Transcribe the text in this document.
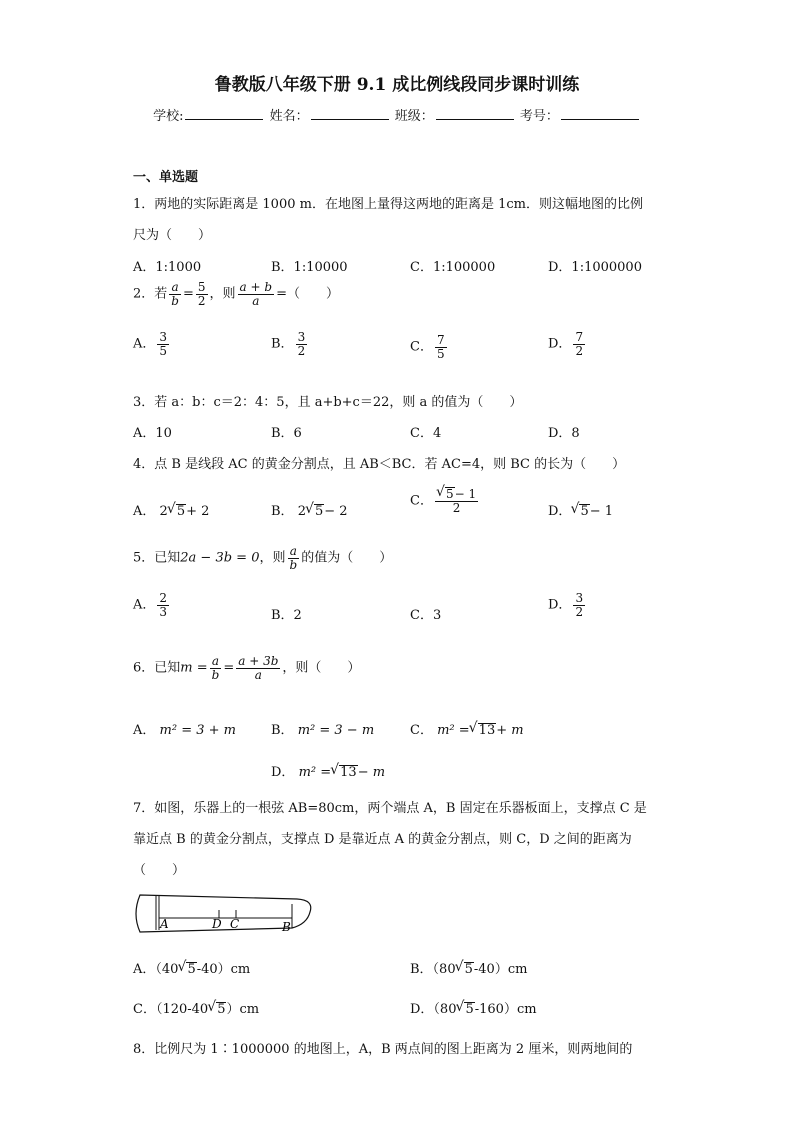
鲁教版八年级下册 9.1 成比例线段同步课时训练
学校:	姓名：	班级：	考号：
一、单选题
1．两地的实际距离是 1000 m．在地图上量得这两地的距离是 1cm．则这幅地图的比例
尺为（　　）
A．1:1000	B．1:10000	C．1:100000	D．1:1000000
2．若 $\frac{a}{b} = \frac{5}{2}$ ，则 $\frac{a + b}{a}$ =（　　）
A． $\frac{3}{5}$	B． $\frac{3}{2}$	C． $\frac{7}{5}$	D． $\frac{7}{2}$
3．若 a：b：c＝2：4：5，且 a+b+c＝22，则 a 的值为（　　）
A．10	B．6	C．4	D．8
4．点 B 是线段 AC 的黄金分割点，且 AB＜BC．若 AC=4，则 BC 的长为（　　）
A． 2 √ 5+ 2	B． 2 √ 5− 2
C． √ $\frac{5- 1}{2}$	D． √ 5− 1
5．已知2a − 3b = 0，则 $\frac{a}{b}$ 的值为（　　）
A． $\frac{2}{3}$	B．2	C．3
D． $\frac{3}{2}$
6．已知$m = \frac{a}{b} = \frac{a + 3b}{a}$ ，则（　　）
A． m² = 3 + m	B． m² = 3 − m	C． m² = √ 13+ m
D． m² = √ 13− m
7．如图，乐器上的一根弦 AB=80cm，两个端点 A，B 固定在乐器板面上，支撑点 C 是
靠近点 B 的黄金分割点，支撑点 D 是靠近点 A 的黄金分割点，则 C，D 之间的距离为
（　　）
A	D C	B
A．（40 √ 5-40）cm	B．（80 √ 5-40）cm
C．（120-40 √ 5）cm	D．（80 √ 5-160）cm
8．比例尺为 1∶1000000 的地图上，A，B 两点间的图上距离为 2 厘米，则两地间的
